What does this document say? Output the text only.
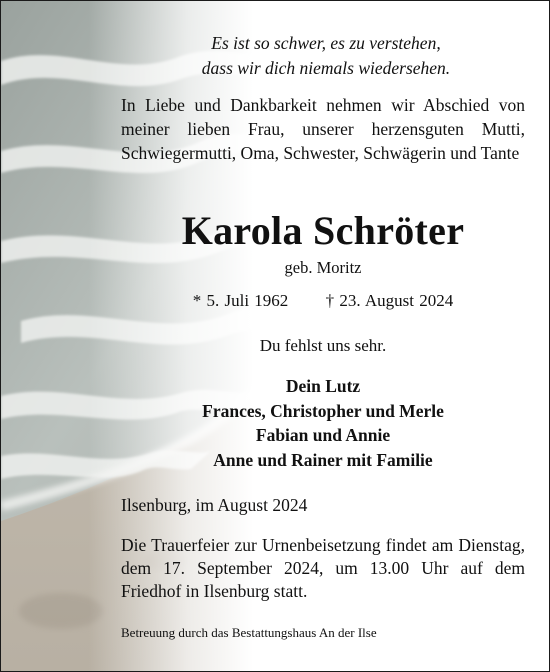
Es ist so schwer, es zu verstehen,
dass wir dich niemals wiedersehen.
In Liebe und Dankbarkeit nehmen wir Abschied von meiner lieben Frau, unserer herzensguten Mutti, Schwiegermutti, Oma, Schwester, Schwägerin und Tante
Karola Schröter
geb. Moritz
* 5. Juli 1962 † 23. August 2024
Du fehlst uns sehr.
Dein Lutz
Frances, Christopher und Merle
Fabian und Annie
Anne und Rainer mit Familie
Ilsenburg, im August 2024
Die Trauerfeier zur Urnenbeisetzung findet am Dienstag, dem 17. September 2024, um 13.00 Uhr auf dem Friedhof in Ilsenburg statt.
Betreuung durch das Bestattungshaus An der Ilse
